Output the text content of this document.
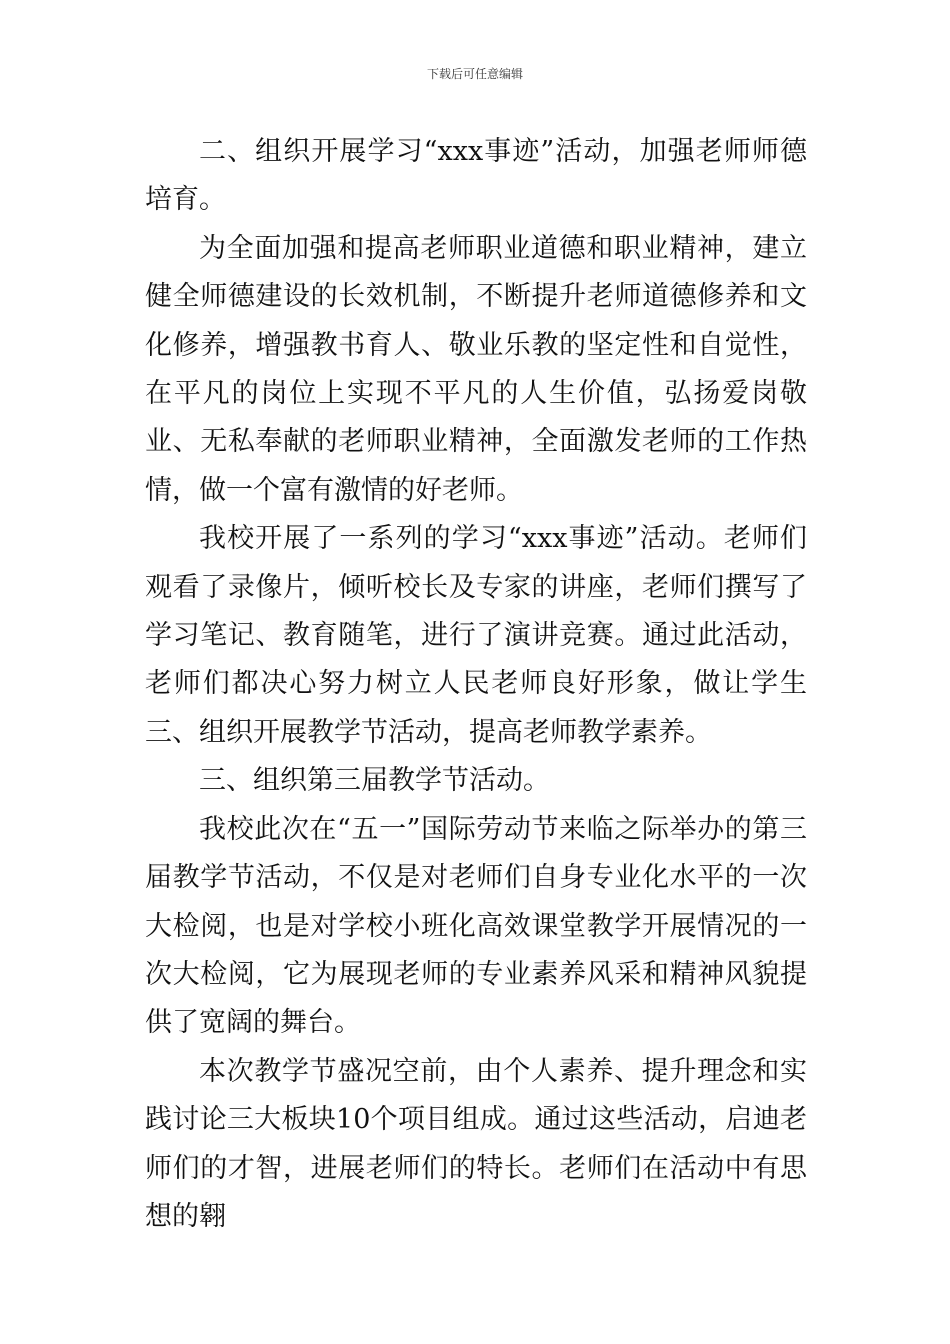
下载后可任意编辑

二、组织开展学习“xxx事迹”活动，加强老师师德培育。

为全面加强和提高老师职业道德和职业精神，建立健全师德建设的长效机制，不断提升老师道德修养和文化修养，增强教书育人、敬业乐教的坚定性和自觉性，在平凡的岗位上实现不平凡的人生价值，弘扬爱岗敬业、无私奉献的老师职业精神，全面激发老师的工作热情，做一个富有激情的好老师。

我校开展了一系列的学习“xxx事迹”活动。老师们观看了录像片，倾听校长及专家的讲座，老师们撰写了学习笔记、教育随笔，进行了演讲竞赛。通过此活动，老师们都决心努力树立人民老师良好形象，做让学生三、组织开展教学节活动，提高老师教学素养。

三、组织第三届教学节活动。

我校此次在“五一”国际劳动节来临之际举办的第三届教学节活动，不仅是对老师们自身专业化水平的一次大检阅，也是对学校小班化高效课堂教学开展情况的一次大检阅，它为展现老师的专业素养风采和精神风貌提供了宽阔的舞台。

本次教学节盛况空前，由个人素养、提升理念和实践讨论三大板块10个项目组成。通过这些活动，启迪老师们的才智，进展老师们的特长。老师们在活动中有思想的翱
